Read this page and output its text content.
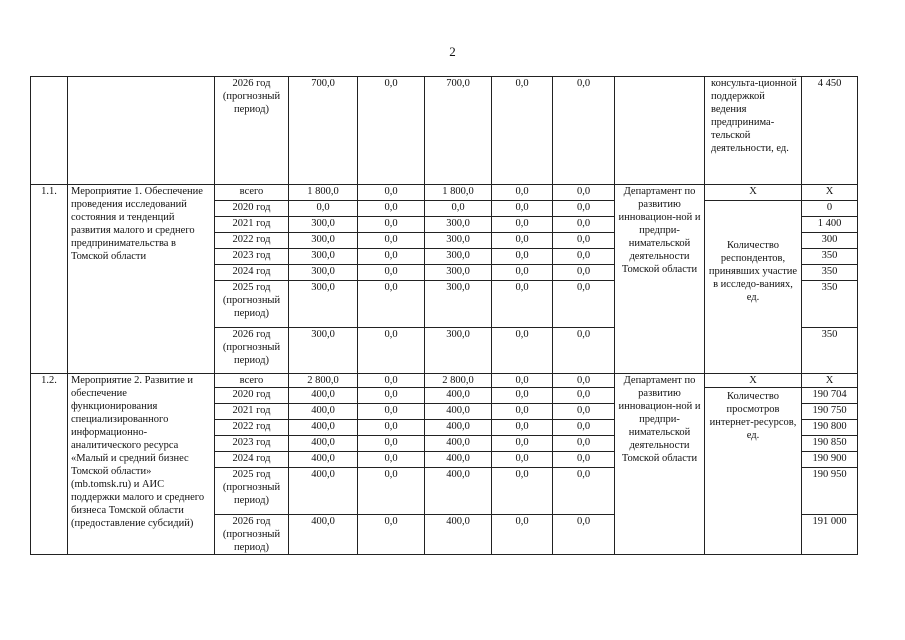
2
		2026 год (прогнозный период)	700,0	0,0	700,0	0,0	0,0		консульта-ционной поддержкой ведения предпринима-тельской деятельности, ед.	4 450
1.1.	Мероприятие 1. Обеспечение проведения исследований состояния и тенденций развития малого и среднего предпринимательства в Томской области	всего	1 800,0	0,0	1 800,0	0,0	0,0	Департамент по развитию инновацион-ной и предпри-нимательской деятельности Томской области	X	X
		2020 год	0,0	0,0	0,0	0,0	0,0		Количество респондентов, принявших участие в исследо-ваниях, ед.	0
		2021 год	300,0	0,0	300,0	0,0	0,0			1 400
		2022 год	300,0	0,0	300,0	0,0	0,0			300
		2023 год	300,0	0,0	300,0	0,0	0,0			350
		2024 год	300,0	0,0	300,0	0,0	0,0			350
		2025 год (прогнозный период)	300,0	0,0	300,0	0,0	0,0			350
		2026 год (прогнозный период)	300,0	0,0	300,0	0,0	0,0			350
1.2.	Мероприятие 2. Развитие и обеспечение функционирования специализированного информационно-аналитического ресурса «Малый и средний бизнес Томской области» (mb.tomsk.ru) и АИС поддержки малого и среднего бизнеса Томской области (предоставление субсидий)	всего	2 800,0	0,0	2 800,0	0,0	0,0	Департамент по развитию инновацион-ной и предпри-нимательской деятельности Томской области	X	X
		2020 год	400,0	0,0	400,0	0,0	0,0		Количество просмотров интернет-ресурсов, ед.	190 704
		2021 год	400,0	0,0	400,0	0,0	0,0			190 750
		2022 год	400,0	0,0	400,0	0,0	0,0			190 800
		2023 год	400,0	0,0	400,0	0,0	0,0			190 850
		2024 год	400,0	0,0	400,0	0,0	0,0			190 900
		2025 год (прогнозный период)	400,0	0,0	400,0	0,0	0,0			190 950
		2026 год (прогнозный период)	400,0	0,0	400,0	0,0	0,0			191 000
